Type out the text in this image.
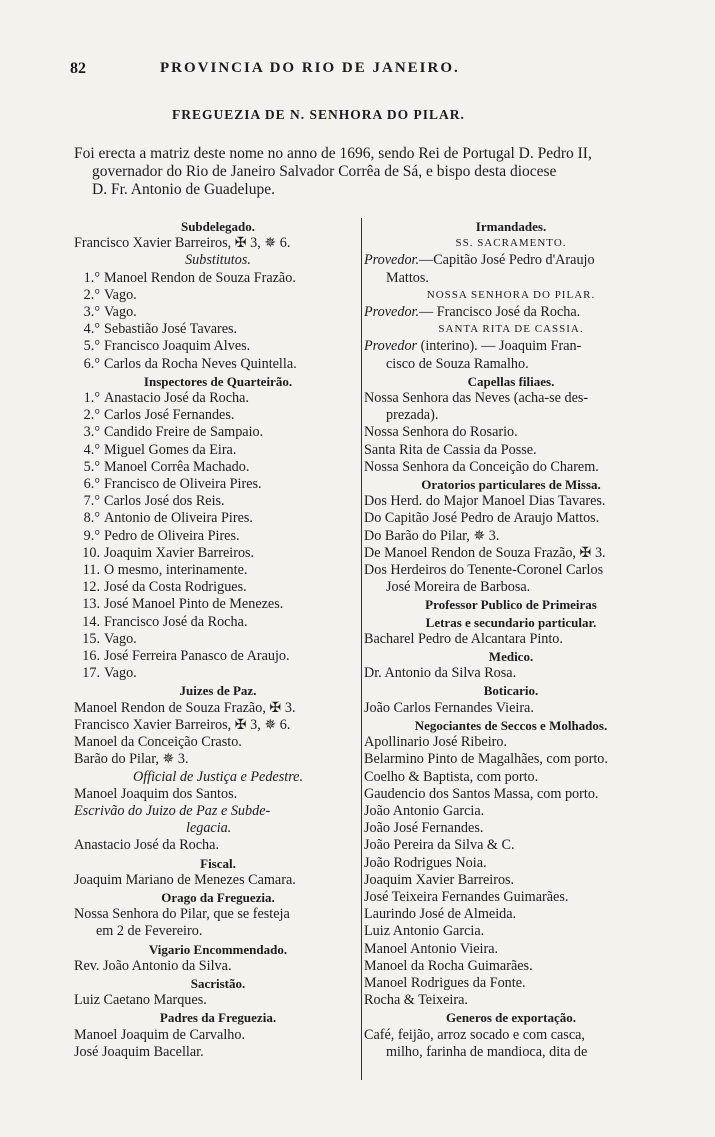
82	PROVINCIA DO RIO DE JANEIRO.
FREGUEZIA DE N. SENHORA DO PILAR.
Foi erecta a matriz deste nome no anno de 1696, sendo Rei de Portugal D. Pedro II,
governador do Rio de Janeiro Salvador Corrêa de Sá, e bispo desta diocese
D. Fr. Antonio de Guadelupe.
Subdelegado.
Francisco Xavier Barreiros, ✠ 3, ✵ 6.
Substitutos.
1.° Manoel Rendon de Souza Frazão.
2.° Vago.
3.° Vago.
4.° Sebastião José Tavares.
5.° Francisco Joaquim Alves.
6.° Carlos da Rocha Neves Quintella.
Inspectores de Quarteirão.
1.° Anastacio José da Rocha.
2.° Carlos José Fernandes.
3.° Candido Freire de Sampaio.
4.° Miguel Gomes da Eira.
5.° Manoel Corrêa Machado.
6.° Francisco de Oliveira Pires.
7.° Carlos José dos Reis.
8.° Antonio de Oliveira Pires.
9.° Pedro de Oliveira Pires.
10. Joaquim Xavier Barreiros.
11. O mesmo, interinamente.
12. José da Costa Rodrigues.
13. José Manoel Pinto de Menezes.
14. Francisco José da Rocha.
15. Vago.
16. José Ferreira Panasco de Araujo.
17. Vago.
Juizes de Paz.
Manoel Rendon de Souza Frazão, ✠ 3.
Francisco Xavier Barreiros, ✠ 3, ✵ 6.
Manoel da Conceição Crasto.
Barão do Pilar, ✵ 3.
Official de Justiça e Pedestre.
Manoel Joaquim dos Santos.
Escrivão do Juizo de Paz e Subde-
legacia.
Anastacio José da Rocha.
Fiscal.
Joaquim Mariano de Menezes Camara.
Orago da Freguezia.
Nossa Senhora do Pilar, que se festeja
em 2 de Fevereiro.
Vigario Encommendado.
Rev. João Antonio da Silva.
Sacristão.
Luiz Caetano Marques.
Padres da Freguezia.
Manoel Joaquim de Carvalho.
José Joaquim Bacellar.
Irmandades.
SS. SACRAMENTO.
Provedor.—Capitão José Pedro d'Araujo
Mattos.
NOSSA SENHORA DO PILAR.
Provedor.— Francisco José da Rocha.
SANTA RITA DE CASSIA.
Provedor (interino). — Joaquim Fran-
cisco de Souza Ramalho.
Capellas filiaes.
Nossa Senhora das Neves (acha-se des-
prezada).
Nossa Senhora do Rosario.
Santa Rita de Cassia da Posse.
Nossa Senhora da Conceição do Charem.
Oratorios particulares de Missa.
Dos Herd. do Major Manoel Dias Tavares.
Do Capitão José Pedro de Araujo Mattos.
Do Barão do Pilar, ✵ 3.
De Manoel Rendon de Souza Frazão, ✠ 3.
Dos Herdeiros do Tenente-Coronel Carlos
José Moreira de Barbosa.
Professor Publico de Primeiras
Letras e secundario particular.
Bacharel Pedro de Alcantara Pinto.
Medico.
Dr. Antonio da Silva Rosa.
Boticario.
João Carlos Fernandes Vieira.
Negociantes de Seccos e Molhados.
Apollinario José Ribeiro.
Belarmino Pinto de Magalhães, com porto.
Coelho & Baptista, com porto.
Gaudencio dos Santos Massa, com porto.
João Antonio Garcia.
João José Fernandes.
João Pereira da Silva & C.
João Rodrigues Noia.
Joaquim Xavier Barreiros.
José Teixeira Fernandes Guimarães.
Laurindo José de Almeida.
Luiz Antonio Garcia.
Manoel Antonio Vieira.
Manoel da Rocha Guimarães.
Manoel Rodrigues da Fonte.
Rocha & Teixeira.
Generos de exportação.
Café, feijão, arroz socado e com casca,
milho, farinha de mandioca, dita de
